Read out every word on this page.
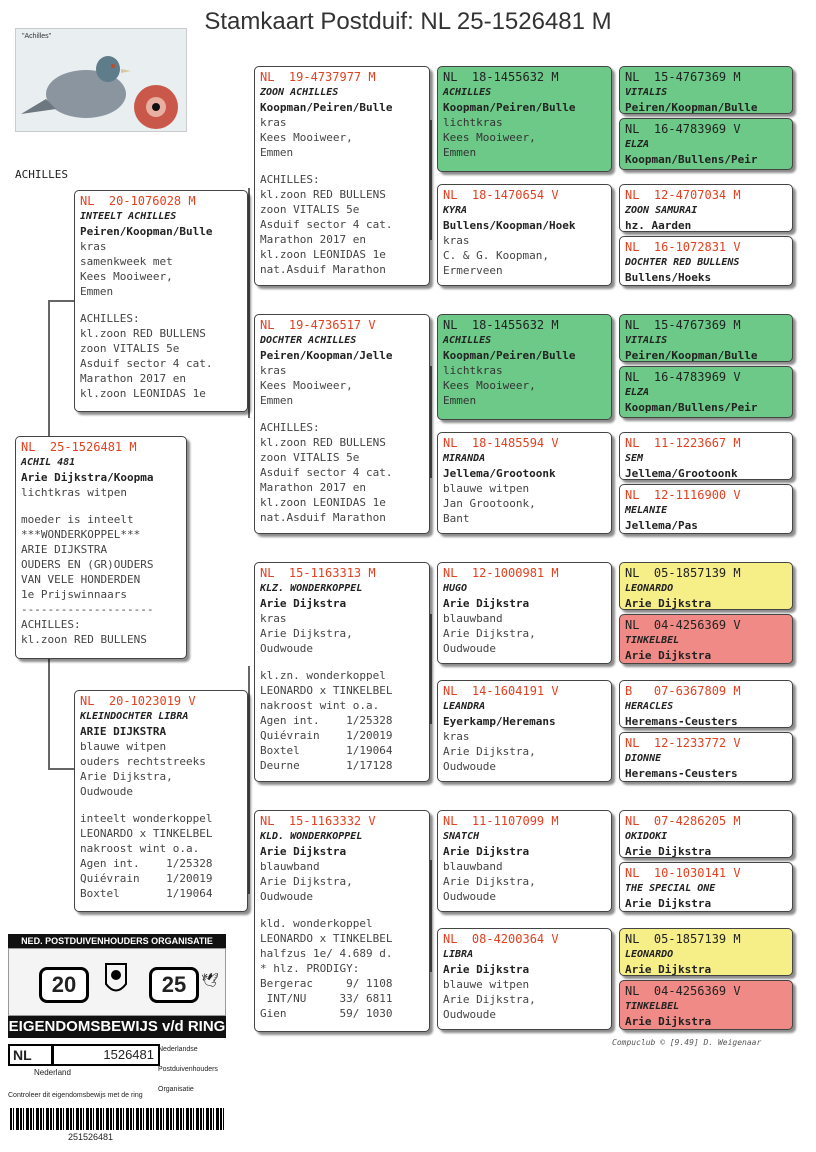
Stamkaart Postduif: NL 25-1526481 M
"Achilles"
ACHILLES
NL  25-1526481 M
ACHIL 481
Arie Dijkstra/Koopma
lichtkras witpen
moeder is inteelt
***WONDERKOPPEL***
ARIE DIJKSTRA
OUDERS EN (GR)OUDERS
VAN VELE HONDERDEN
1e Prijswinnaars
--------------------
ACHILLES:
kl.zoon RED BULLENS
NL  20-1076028 M
INTEELT ACHILLES
Peiren/Koopman/Bulle
kras
samenkweek met
Kees Mooiweer,
Emmen
ACHILLES:
kl.zoon RED BULLENS
zoon VITALIS 5e
Asduif sector 4 cat.
Marathon 2017 en
kl.zoon LEONIDAS 1e
NL  20-1023019 V
KLEINDOCHTER LIBRA
ARIE DIJKSTRA
blauwe witpen
ouders rechtstreeks
Arie Dijkstra,
Oudwoude
inteelt wonderkoppel
LEONARDO x TINKELBEL
nakroost wint o.a.
Agen int.    1/25328
Quiévrain    1/20019
Boxtel       1/19064
NL  19-4737977 M
ZOON ACHILLES
Koopman/Peiren/Bulle
kras
Kees Mooiweer,
Emmen
ACHILLES:
kl.zoon RED BULLENS
zoon VITALIS 5e
Asduif sector 4 cat.
Marathon 2017 en
kl.zoon LEONIDAS 1e
nat.Asduif Marathon
NL  19-4736517 V
DOCHTER ACHILLES
Peiren/Koopman/Jelle
kras
Kees Mooiweer,
Emmen
ACHILLES:
kl.zoon RED BULLENS
zoon VITALIS 5e
Asduif sector 4 cat.
Marathon 2017 en
kl.zoon LEONIDAS 1e
nat.Asduif Marathon
NL  15-1163313 M
KLZ. WONDERKOPPEL
Arie Dijkstra
kras
Arie Dijkstra,
Oudwoude
kl.zn. wonderkoppel
LEONARDO x TINKELBEL
nakroost wint o.a.
Agen int.    1/25328
Quiévrain    1/20019
Boxtel       1/19064
Deurne       1/17128
NL  15-1163332 V
KLD. WONDERKOPPEL
Arie Dijkstra
blauwband
Arie Dijkstra,
Oudwoude
kld. wonderkoppel
LEONARDO x TINKELBEL
halfzus 1e/ 4.689 d.
* hlz. PRODIGY:
Bergerac     9/ 1108
INT/NU     33/ 6811
Gien        59/ 1030
NL  18-1455632 M
ACHILLES
Koopman/Peiren/Bulle
lichtkras
Kees Mooiweer,
Emmen
NL  18-1470654 V
KYRA
Bullens/Koopman/Hoek
kras
C. & G. Koopman,
Ermerveen
NL  18-1455632 M
ACHILLES
Koopman/Peiren/Bulle
lichtkras
Kees Mooiweer,
Emmen
NL  18-1485594 V
MIRANDA
Jellema/Grootoonk
blauwe witpen
Jan Grootoonk,
Bant
NL  12-1000981 M
HUGO
Arie Dijkstra
blauwband
Arie Dijkstra,
Oudwoude
NL  14-1604191 V
LEANDRA
Eyerkamp/Heremans
kras
Arie Dijkstra,
Oudwoude
NL  11-1107099 M
SNATCH
Arie Dijkstra
blauwband
Arie Dijkstra,
Oudwoude
NL  08-4200364 V
LIBRA
Arie Dijkstra
blauwe witpen
Arie Dijkstra,
Oudwoude
NL  15-4767369 M
VITALIS
Peiren/Koopman/Bulle
NL  16-4783969 V
ELZA
Koopman/Bullens/Peir
NL  12-4707034 M
ZOON SAMURAI
hz. Aarden
NL  16-1072831 V
DOCHTER RED BULLENS
Bullens/Hoeks
NL  15-4767369 M
VITALIS
Peiren/Koopman/Bulle
NL  16-4783969 V
ELZA
Koopman/Bullens/Peir
NL  11-1223667 M
SEM
Jellema/Grootoonk
NL  12-1116900 V
MELANIE
Jellema/Pas
NL  05-1857139 M
LEONARDO
Arie Dijkstra
NL  04-4256369 V
TINKELBEL
Arie Dijkstra
B   07-6367809 M
HERACLES
Heremans-Ceusters
NL  12-1233772 V
DIONNE
Heremans-Ceusters
NL  07-4286205 M
OKIDOKI
Arie Dijkstra
NL  10-1030141 V
THE SPECIAL ONE
Arie Dijkstra
NL  05-1857139 M
LEONARDO
Arie Dijkstra
NL  04-4256369 V
TINKELBEL
Arie Dijkstra
Compuclub © [9.49] D. Weigenaar
NED. POSTDUIVENHOUDERS ORGANISATIE
20	25	🕊
EIGENDOMSBEWIJS v/d RING
NL	1526481
Nederland
Nederlandse
Postduivenhouders
Organisatie
Controleer dit eigendomsbewijs met de ring
251526481
